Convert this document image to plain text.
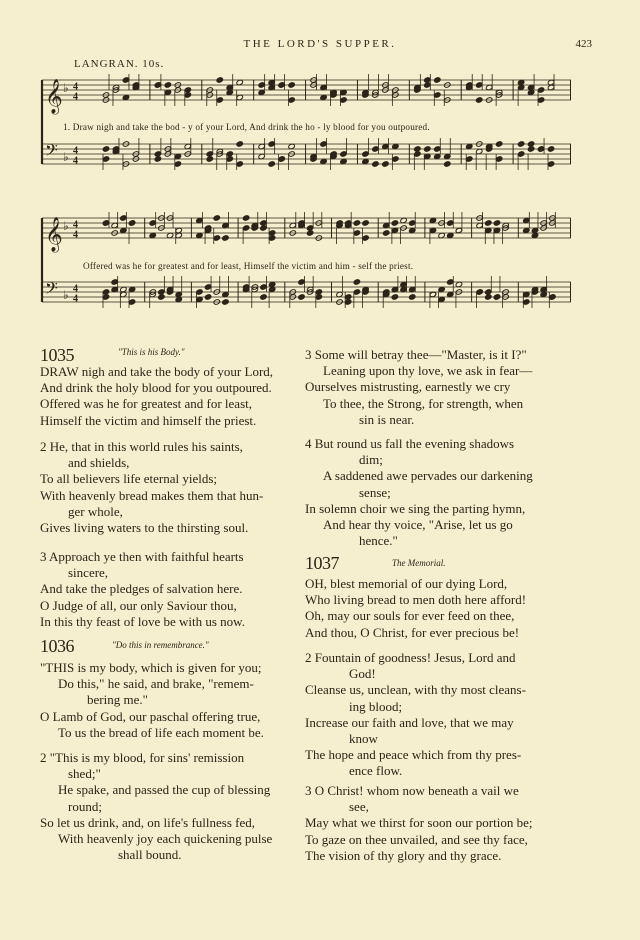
THE LORD'S SUPPER.	423
LANGRAN. 10s.
𝄞 ♭
𝄢 ♭
4
4
4
4
1. Draw nigh and take the bod - y of your Lord, And drink the ho - ly blood for you outpoured.
𝄞 ♭
𝄢 ♭
4
4
4
4
Offered was he for greatest and for least, Himself the victim and him - self the priest.
1035	"This is his Body."
DRAW nigh and take the body of your Lord,
And drink the holy blood for you outpoured.
Offered was he for greatest and for least,
Himself the victim and himself the priest.
2 He, that in this world rules his saints,
and shields,
To all believers life eternal yields;
With heavenly bread makes them that hun-
ger whole,
Gives living waters to the thirsting soul.
3 Approach ye then with faithful hearts
sincere,
And take the pledges of salvation here.
O Judge of all, our only Saviour thou,
In this thy feast of love be with us now.
1036	"Do this in remembrance."
"THIS is my body, which is given for you;
Do this," he said, and brake, "remem-
bering me."
O Lamb of God, our paschal offering true,
To us the bread of life each moment be.
2 "This is my blood, for sins' remission
shed;"
He spake, and passed the cup of blessing
round;
So let us drink, and, on life's fullness fed,
With heavenly joy each quickening pulse
shall bound.
3 Some will betray thee—"Master, is it I?"
Leaning upon thy love, we ask in fear—
Ourselves mistrusting, earnestly we cry
To thee, the Strong, for strength, when
sin is near.
4 But round us fall the evening shadows
dim;
A saddened awe pervades our darkening
sense;
In solemn choir we sing the parting hymn,
And hear thy voice, "Arise, let us go
hence."
1037	The Memorial.
OH, blest memorial of our dying Lord,
Who living bread to men doth here afford!
Oh, may our souls for ever feed on thee,
And thou, O Christ, for ever precious be!
2 Fountain of goodness! Jesus, Lord and
God!
Cleanse us, unclean, with thy most cleans-
ing blood;
Increase our faith and love, that we may
know
The hope and peace which from thy pres-
ence flow.
3 O Christ! whom now beneath a vail we
see,
May what we thirst for soon our portion be;
To gaze on thee unvailed, and see thy face,
The vision of thy glory and thy grace.
